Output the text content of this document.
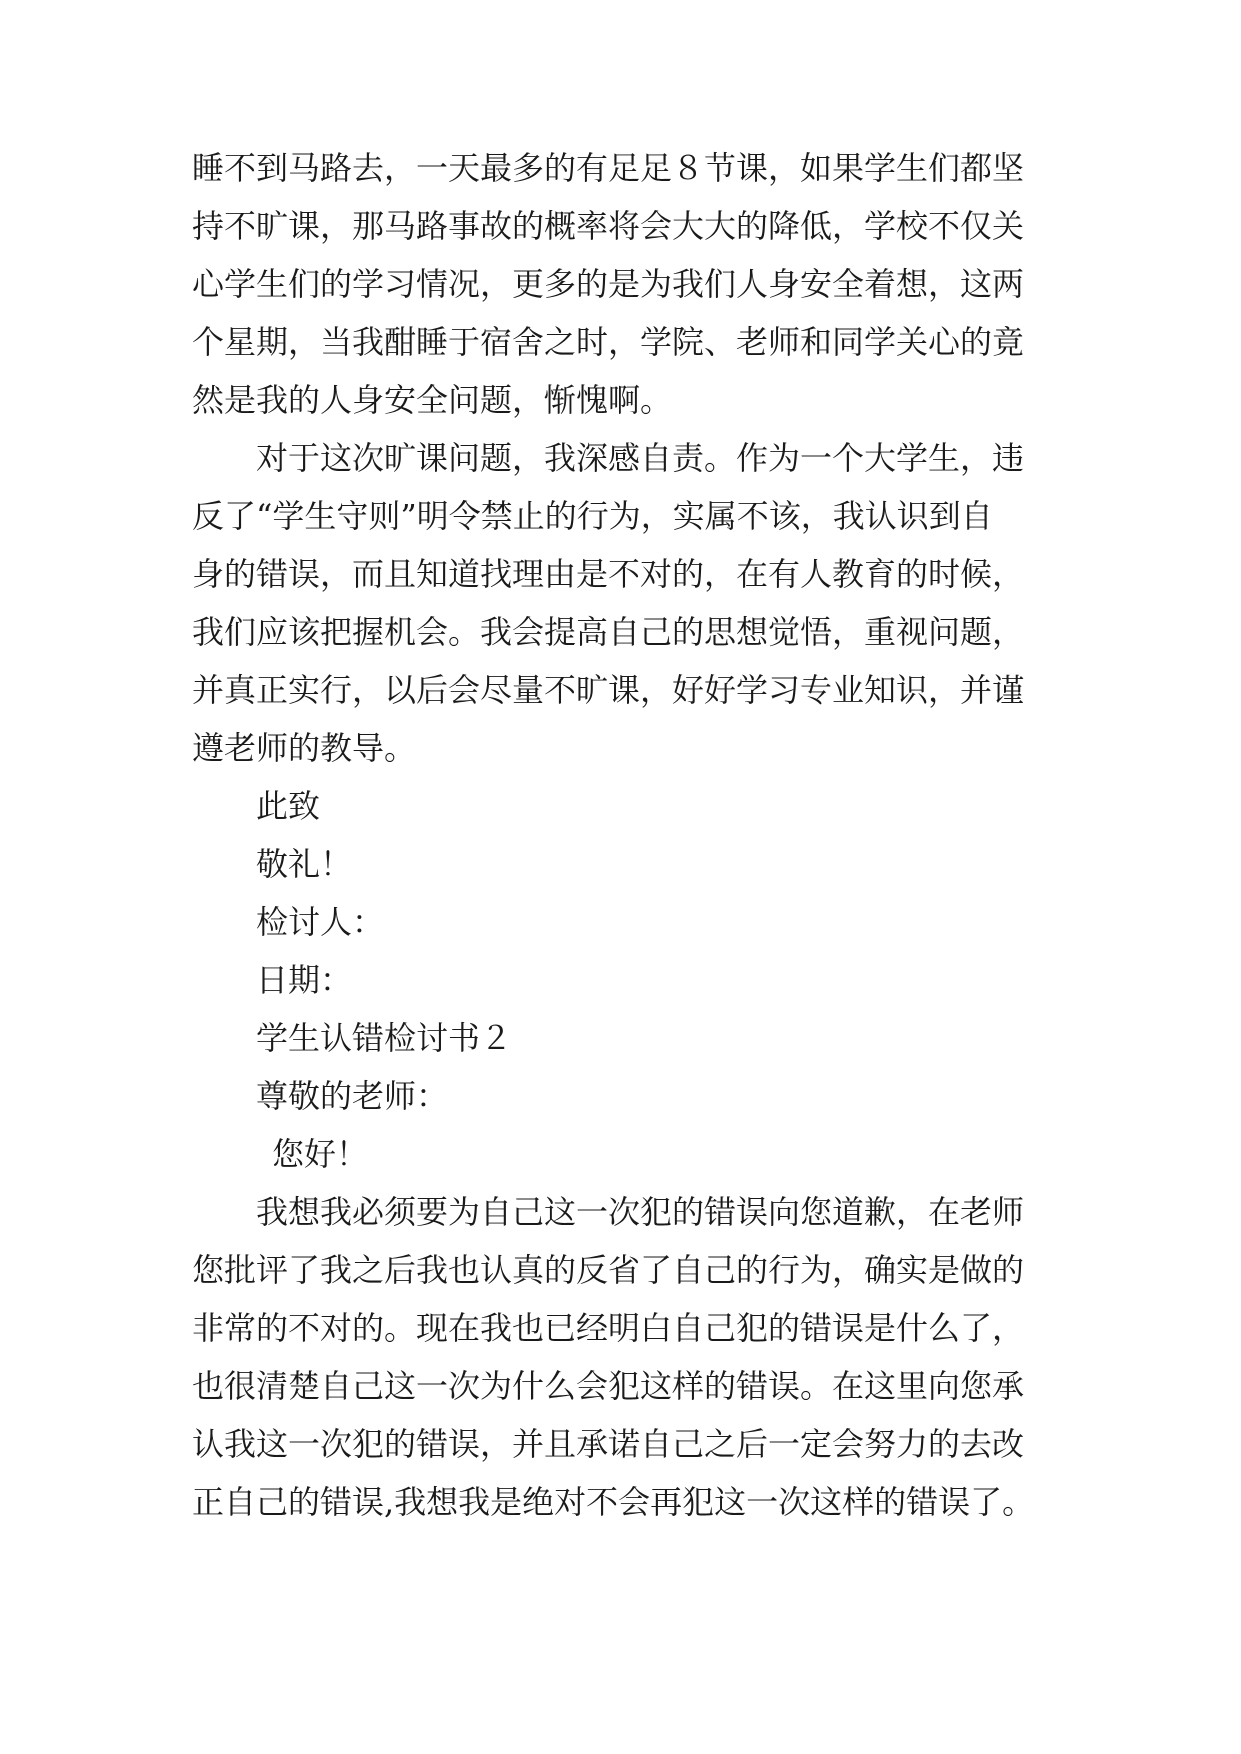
睡不到马路去，一天最多的有足足８节课，如果学生们都坚
持不旷课，那马路事故的概率将会大大的降低，学校不仅关
心学生们的学习情况，更多的是为我们人身安全着想，这两
个星期，当我酣睡于宿舍之时，学院、老师和同学关心的竟
然是我的人身安全问题，惭愧啊。
对于这次旷课问题，我深感自责。作为一个大学生，违
反了“学生守则”明令禁止的行为，实属不该，我认识到自
身的错误，而且知道找理由是不对的，在有人教育的时候，
我们应该把握机会。我会提高自己的思想觉悟，重视问题，
并真正实行，以后会尽量不旷课，好好学习专业知识，并谨
遵老师的教导。
此致
敬礼！
检讨人：
日期：
学生认错检讨书２
尊敬的老师：
您好！
我想我必须要为自己这一次犯的错误向您道歉，在老师
您批评了我之后我也认真的反省了自己的行为，确实是做的
非常的不对的。现在我也已经明白自己犯的错误是什么了，
也很清楚自己这一次为什么会犯这样的错误。在这里向您承
认我这一次犯的错误，并且承诺自己之后一定会努力的去改
正自己的错误,我想我是绝对不会再犯这一次这样的错误了。
